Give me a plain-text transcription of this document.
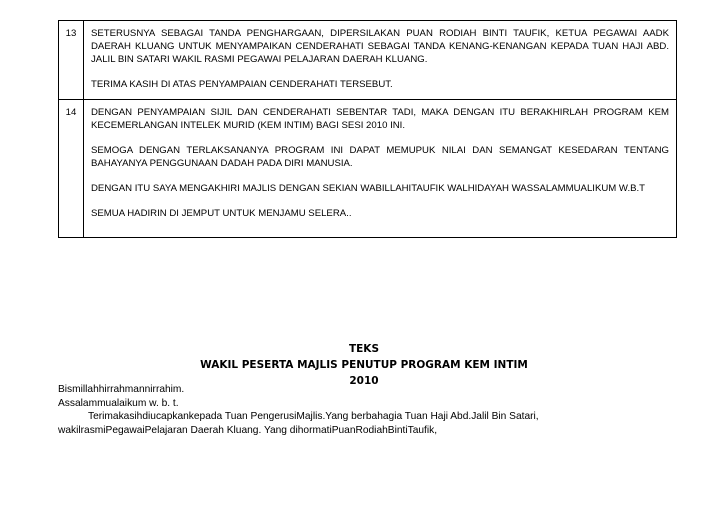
13	SETERUSNYA SEBAGAI TANDA PENGHARGAAN, DIPERSILAKAN PUAN RODIAH BINTI TAUFIK, KETUA PEGAWAI AADK DAERAH KLUANG UNTUK MENYAMPAIKAN CENDERAHATI SEBAGAI TANDA KENANG-KENANGAN KEPADA TUAN HAJI ABD. JALIL BIN SATARI WAKIL RASMI PEGAWAI PELAJARAN DAERAH KLUANG.

TERIMA KASIH DI ATAS PENYAMPAIAN CENDERAHATI TERSEBUT.

14	DENGAN PENYAMPAIAN SIJIL DAN CENDERAHATI SEBENTAR TADI, MAKA DENGAN ITU BERAKHIRLAH PROGRAM KEM KECEMERLANGAN INTELEK MURID (KEM INTIM) BAGI SESI 2010 INI.

SEMOGA DENGAN TERLAKSANANYA PROGRAM INI DAPAT MEMUPUK NILAI DAN SEMANGAT KESEDARAN TENTANG BAHAYANYA PENGGUNAAN DADAH PADA DIRI MANUSIA.

DENGAN ITU SAYA MENGAKHIRI MAJLIS DENGAN SEKIAN WABILLAHITAUFIK WALHIDAYAH WASSALAMMUALIKUM W.B.T

SEMUA HADIRIN DI JEMPUT UNTUK MENJAMU SELERA..

TEKS
WAKIL PESERTA MAJLIS PENUTUP PROGRAM KEM INTIM
2010
Bismillahhirrahmannirrahim.
Assalammualaikum w. b. t.
Terimakasihdiucapkankepada Tuan PengerusiMajlis.Yang berbahagia Tuan Haji Abd.Jalil Bin Satari,
wakilrasmiPegawaiPelajaran Daerah Kluang. Yang dihormatiPuanRodiahBintiTaufik,
